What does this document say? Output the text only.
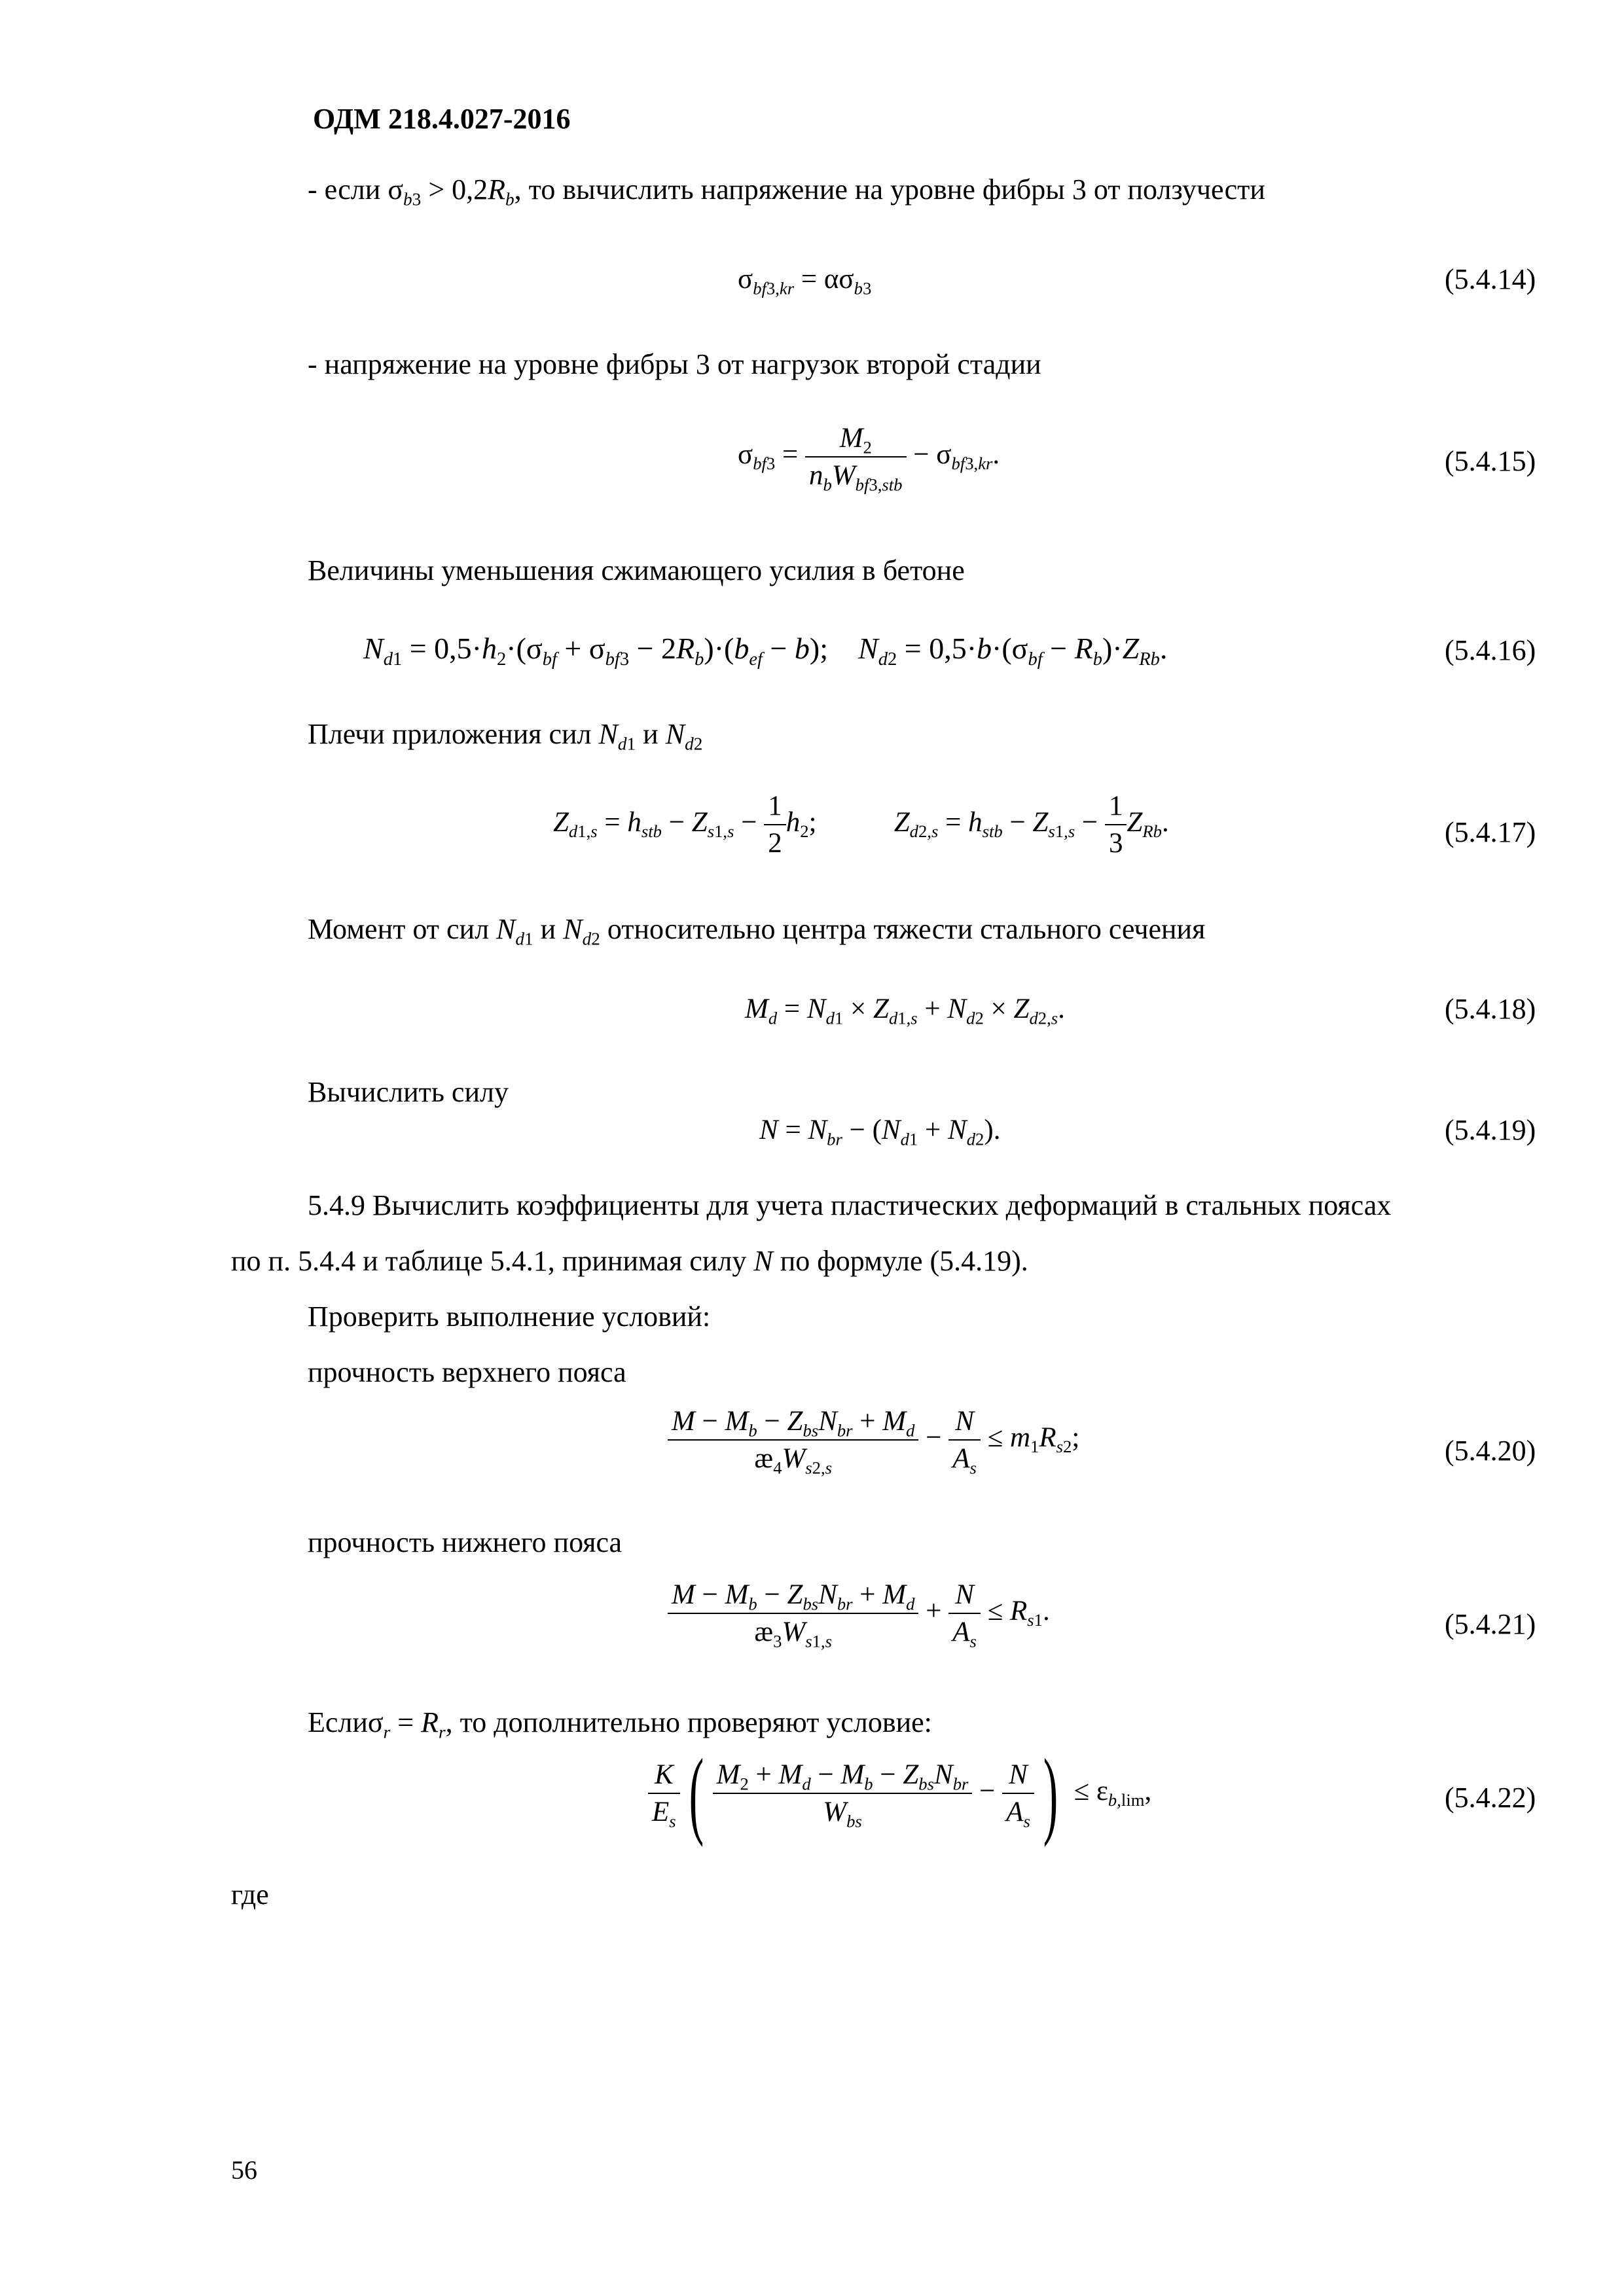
ОДМ 218.4.027-2016
- если $\sigma_{b3} > 0,2R_b$, то вычислить напряжение на уровне фибры 3 от ползучести
$\sigma_{bf3,kr} = \alpha\sigma_{b3}$	(5.4.14)
- напряжение на уровне фибры 3 от нагрузок второй стадии
$\sigma_{bf3} = \frac{M_2}{n_bW_{bf3,stb}} - \sigma_{bf3,kr}$.	(5.4.15)
Величины уменьшения сжимающего усилия в бетоне
$N_{d1} = 0,5\cdot h_2\cdot(\sigma_{bf} + \sigma_{bf3} - 2R_b)\cdot(b_{ef} - b)$;    $N_{d2} = 0,5\cdot b\cdot(\sigma_{bf} - R_b)\cdot Z_{Rb}$.	(5.4.16)
Плечи приложения сил $N_{d1}$ и $N_{d2}$
$Z_{d1,s} = h_{stb} - Z_{s1,s} - \frac{1}{2} h_2$;           $Z_{d2,s} = h_{stb} - Z_{s1,s} - \frac{1}{3} Z_{Rb}$.	(5.4.17)
Момент от сил $N_{d1}$ и $N_{d2}$ относительно центра тяжести стального сечения
$M_d = N_{d1} \times Z_{d1,s} + N_{d2} \times Z_{d2,s}$.	(5.4.18)
Вычислить силу
$N = N_{br} - (N_{d1} + N_{d2})$.	(5.4.19)
5.4.9 Вычислить коэффициенты для учета пластических деформаций в стальных поясах
по п. 5.4.4 и таблице 5.4.1, принимая силу N по формуле (5.4.19).
Проверить выполнение условий:
прочность верхнего пояса
$\frac{M - M_b - Z_{bs}N_{br} + M_d}{æ_4W_{s2,s}} - \frac{N}{A_s} \le m_1R_{s2}$;	(5.4.20)
прочность нижнего пояса
$\frac{M - M_b - Z_{bs}N_{br} + M_d}{æ_3W_{s1,s}} + \frac{N}{A_s} \le R_{s1}$.	(5.4.21)
Еслиσ$_r$ = $R_r$, то дополнительно проверяют условие:
$\frac{K}{E_s}$ ( $\frac{M_2 + M_d - M_b - Z_{bs}N_{br}}{W_{bs}} - \frac{N}{A_s}$ ) ≤ $\varepsilon_{b,lim}$,	(5.4.22)
где
56
